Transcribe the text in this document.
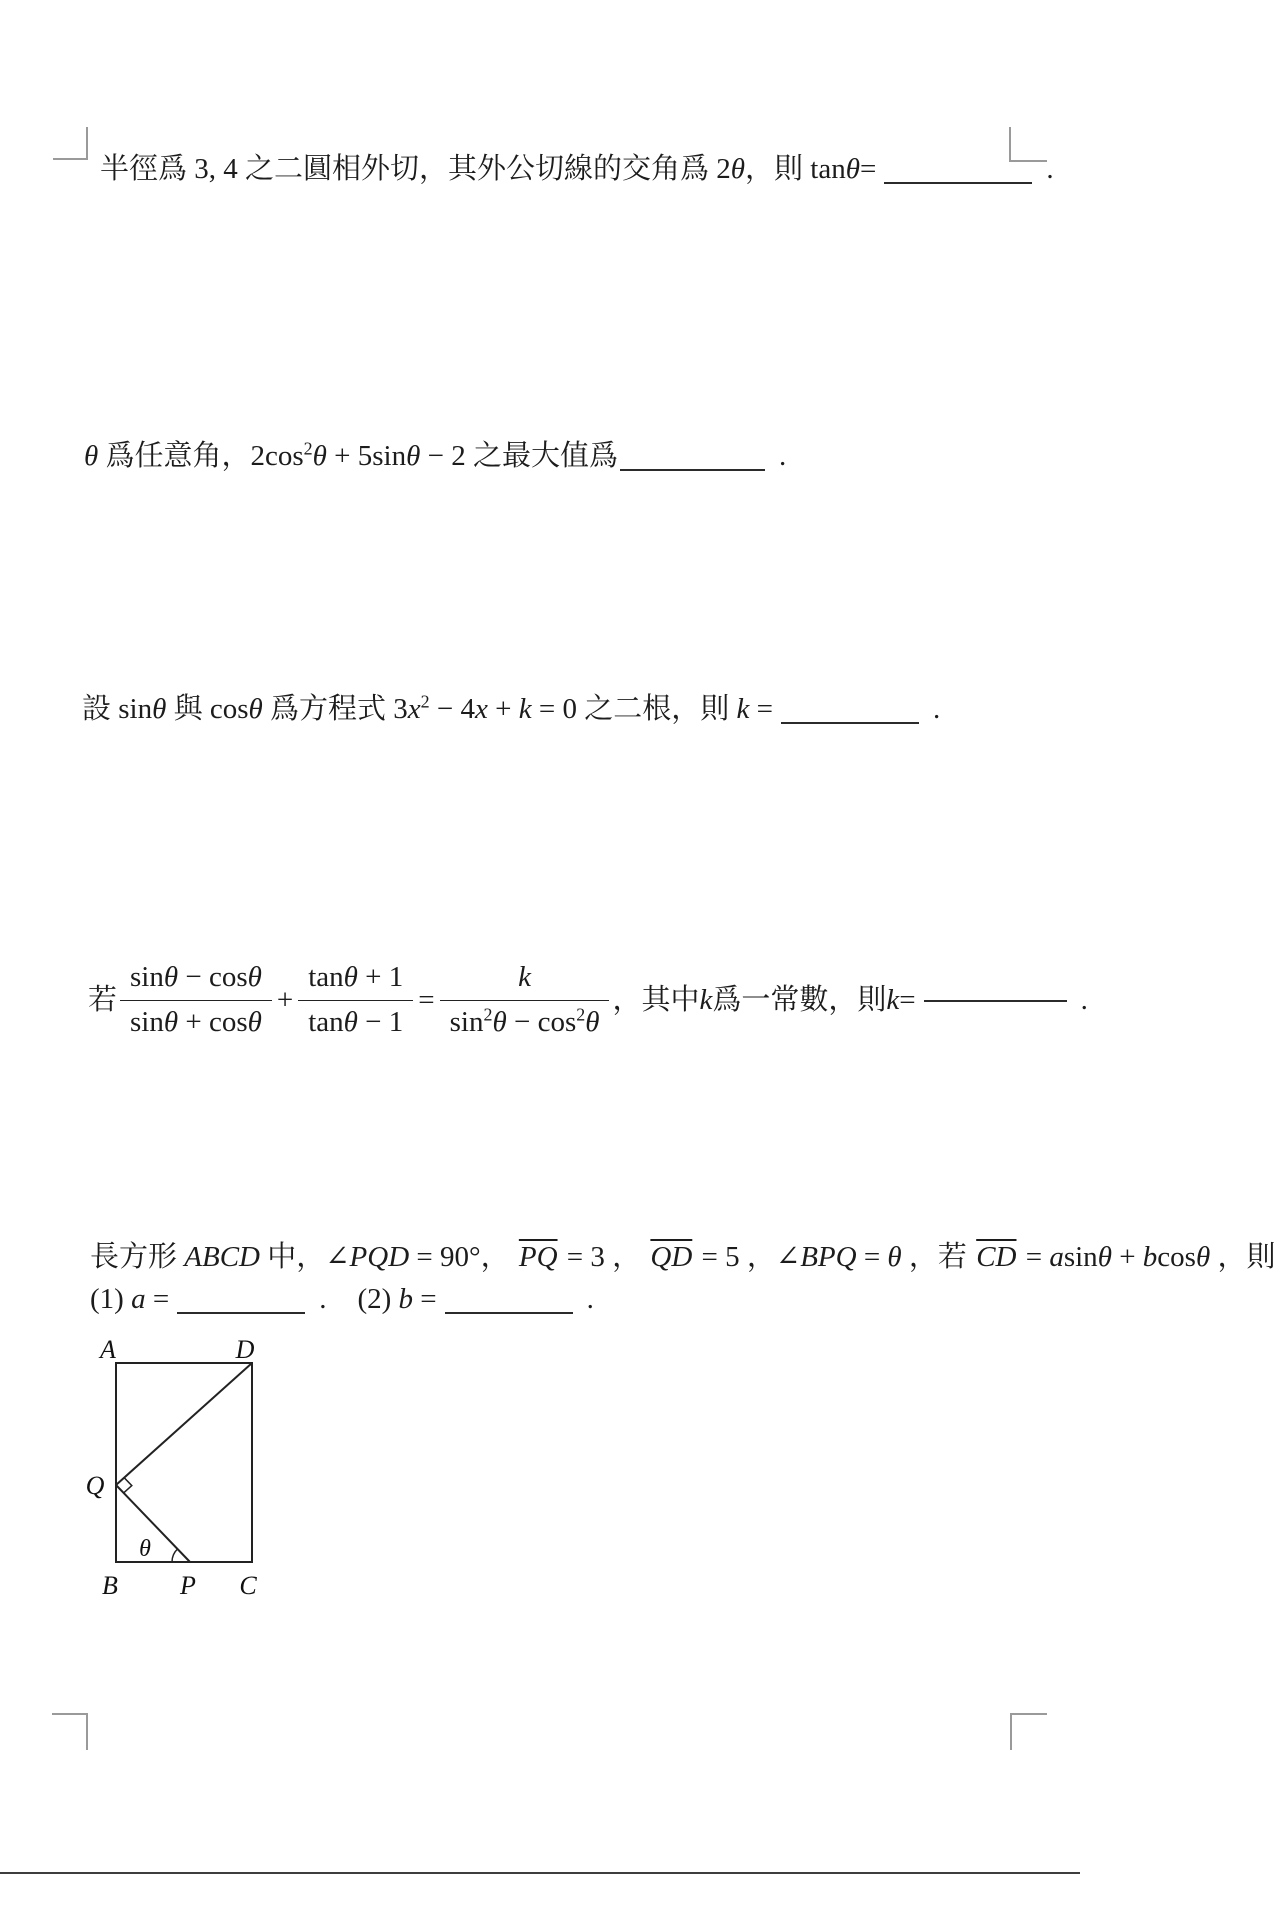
半徑爲 3, 4 之二圓相外切，其外公切線的交角爲 2θ，則 tanθ=	.
θ 爲任意角，$2\cos^2\theta + 5\sin\theta - 2$ 之最大值爲	.
設 sinθ 與 cosθ 爲方程式 $3x^2 - 4x + k = 0$ 之二根，則 k =	.
若 $\frac{\sin\theta - \cos\theta}{\sin\theta + \cos\theta} + \frac{\tan\theta + 1}{\tan\theta - 1} = \frac{k}{\sin^2\theta - \cos^2\theta}$ ，其中 k 爲一常數，則 k =	.
長方形 ABCD 中，∠PQD = 90°， $\overline{PQ} = 3$ ， $\overline{QD} = 5$ ，∠BPQ = θ ，若 $\overline{CD} = asin\theta + bcos\theta$ ，則
(1) a =	. (2) b =	.
A	D
Q
B P C
θ
